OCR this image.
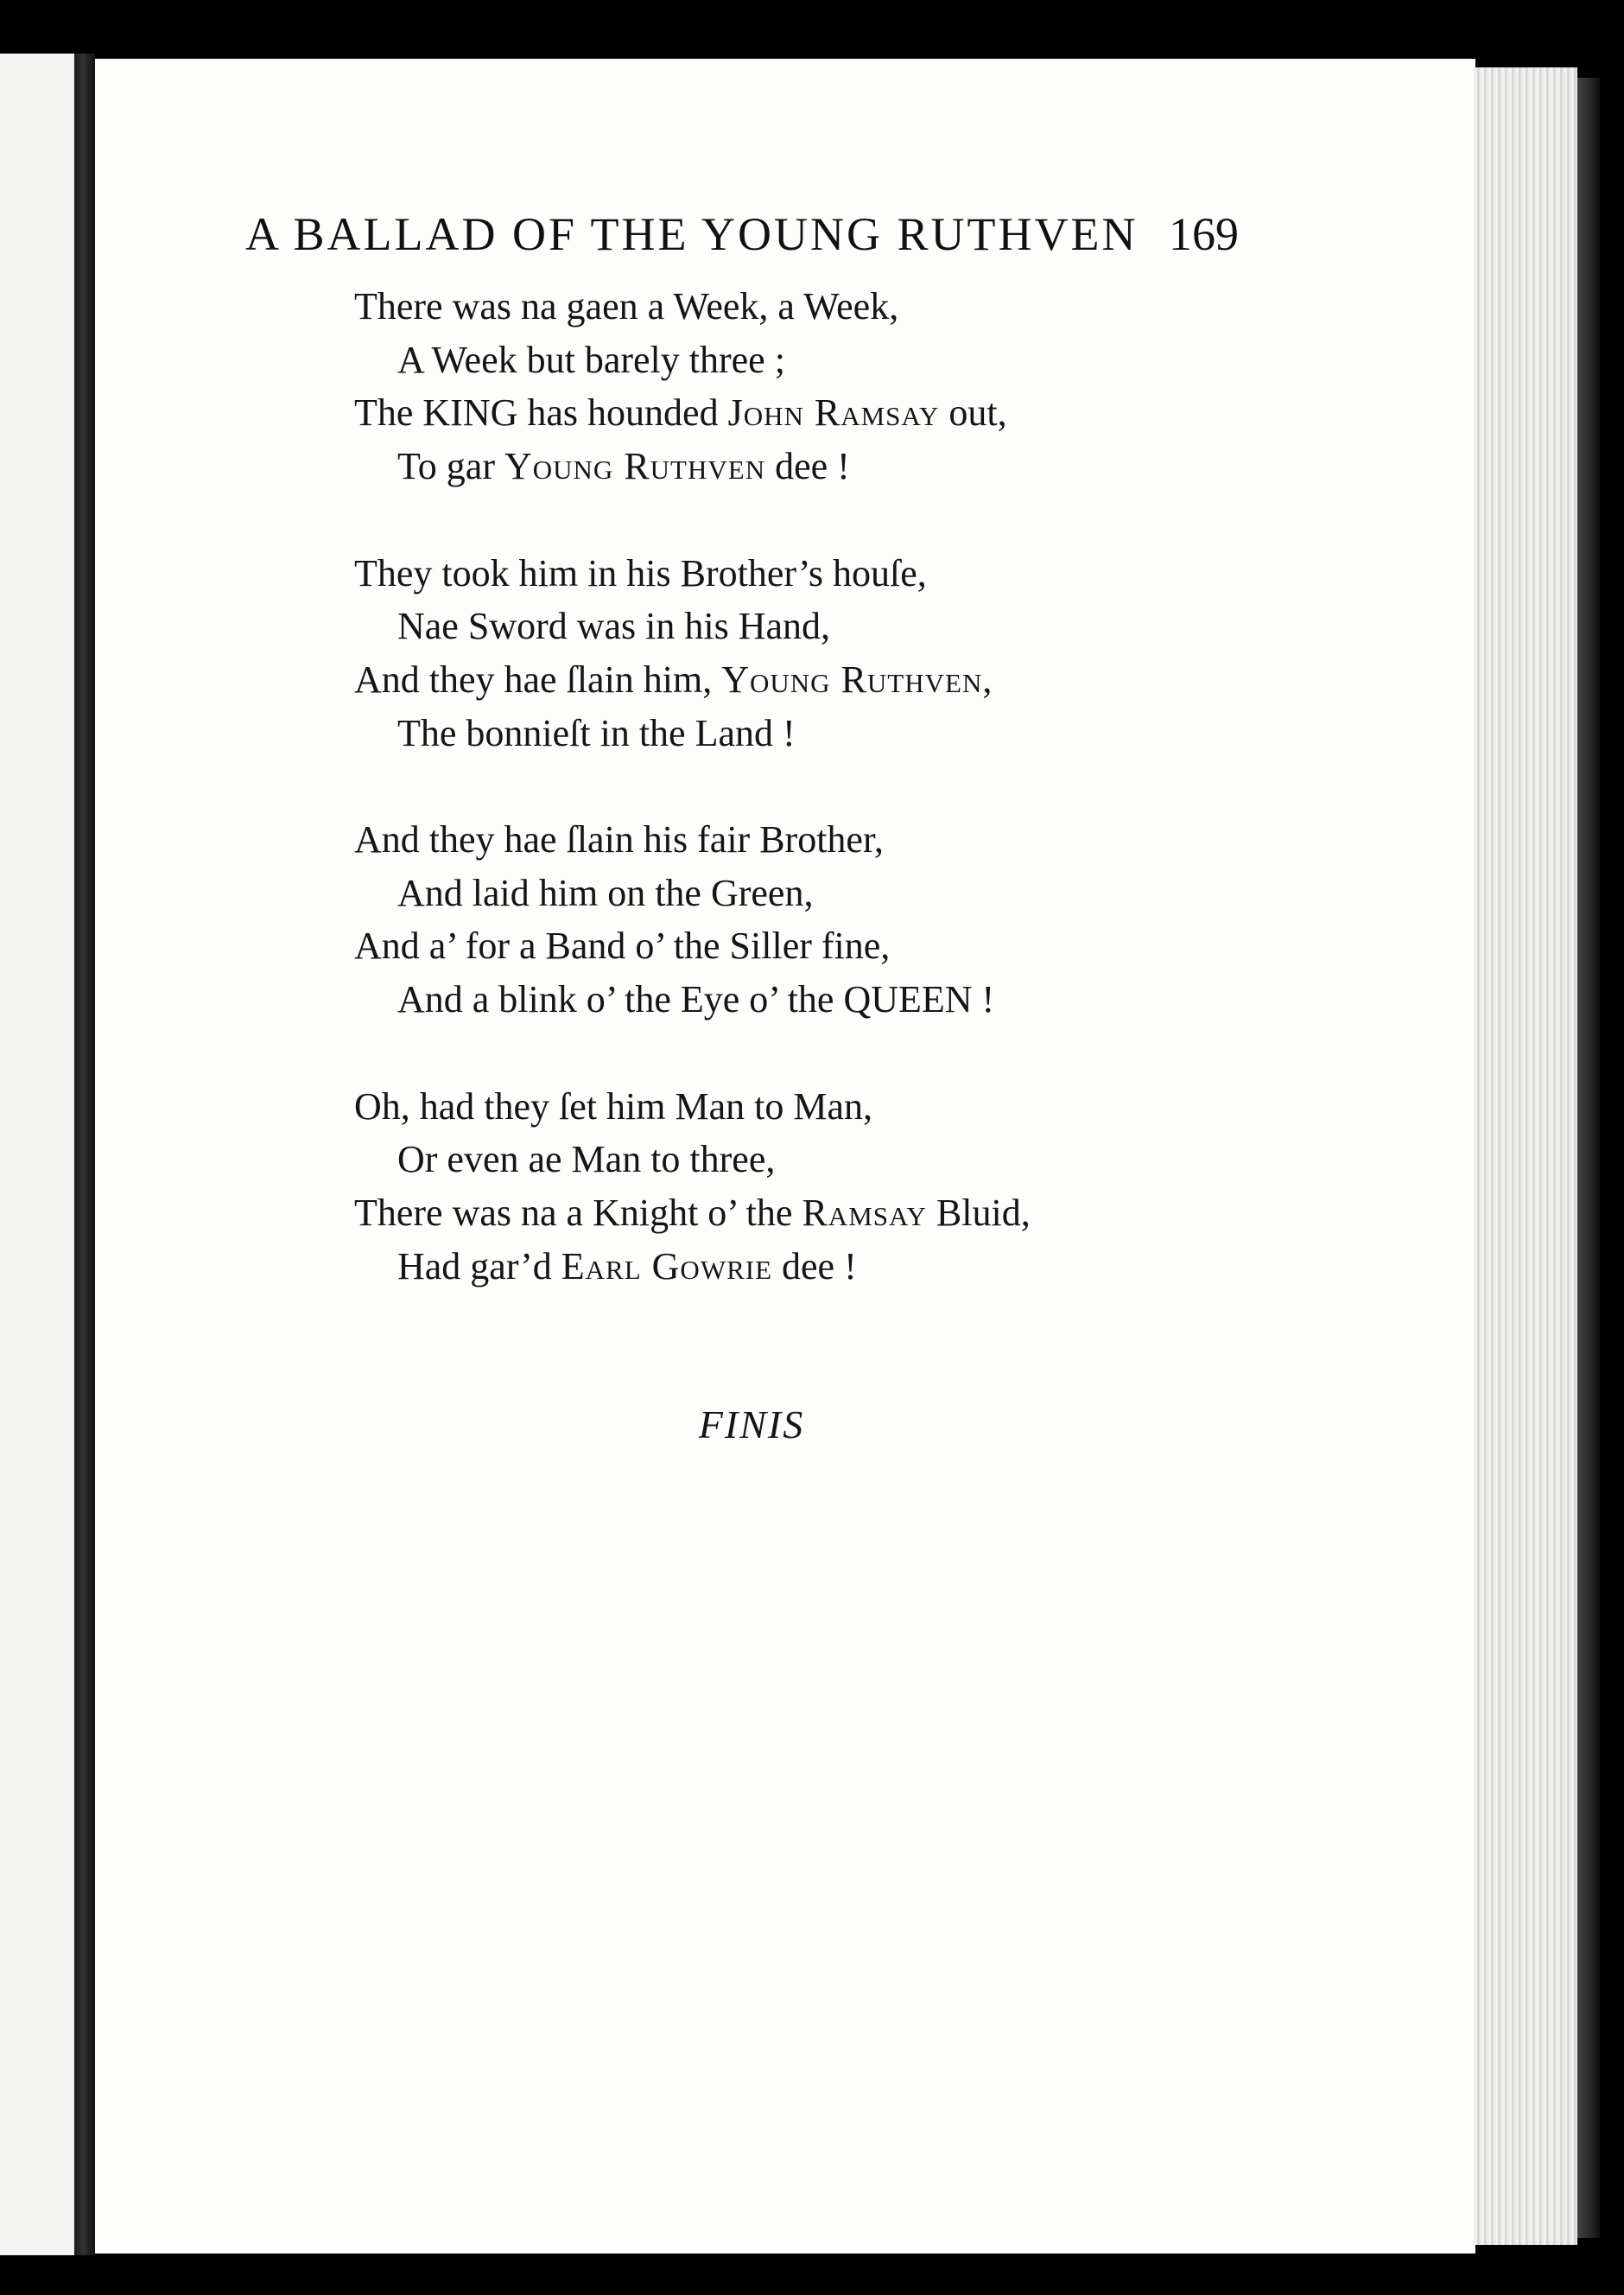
A BALLAD OF THE YOUNG RUTHVEN 169
There was na gaen a Week, a Week,
A Week but barely three ;
The KING has hounded John Ramsay out,
To gar Young Ruthven dee !
They took him in his Brother’s houſe,
Nae Sword was in his Hand,
And they hae ſlain him, Young Ruthven,
The bonnieſt in the Land !
And they hae ſlain his fair Brother,
And laid him on the Green,
And a’ for a Band o’ the Siller fine,
And a blink o’ the Eye o’ the QUEEN !
Oh, had they ſet him Man to Man,
Or even ae Man to three,
There was na a Knight o’ the Ramsay Bluid,
Had gar’d Earl Gowrie dee !
FINIS
